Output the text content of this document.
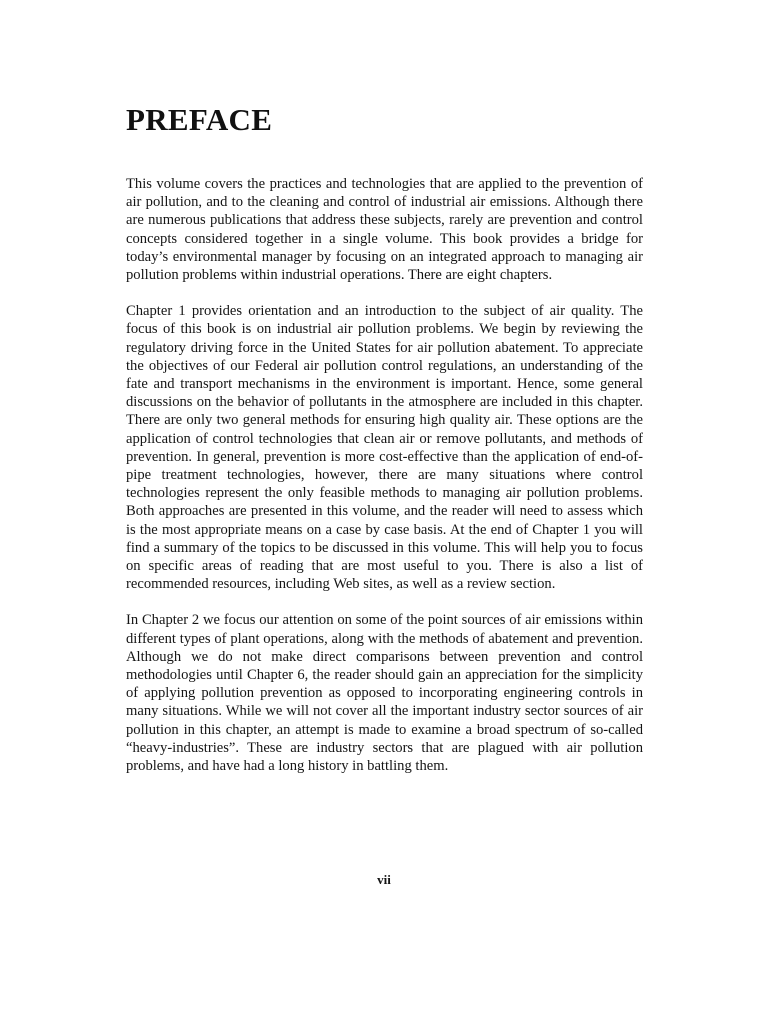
PREFACE

This volume covers the practices and technologies that are applied to the prevention of air pollution, and to the cleaning and control of industrial air emissions. Although there are numerous publications that address these subjects, rarely are prevention and control concepts considered together in a single volume. This book provides a bridge for today’s environmental manager by focusing on an integrated approach to managing air pollution problems within industrial operations. There are eight chapters.

Chapter 1 provides orientation and an introduction to the subject of air quality. The focus of this book is on industrial air pollution problems. We begin by reviewing the regulatory driving force in the United States for air pollution abatement. To appreciate the objectives of our Federal air pollution control regulations, an understanding of the fate and transport mechanisms in the environment is important. Hence, some general discussions on the behavior of pollutants in the atmosphere are included in this chapter. There are only two general methods for ensuring high quality air. These options are the application of control technologies that clean air or remove pollutants, and methods of prevention. In general, prevention is more cost-effective than the application of end-of-pipe treatment technologies, however, there are many situations where control technologies represent the only feasible methods to managing air pollution problems. Both approaches are presented in this volume, and the reader will need to assess which is the most appropriate means on a case by case basis. At the end of Chapter 1 you will find a summary of the topics to be discussed in this volume. This will help you to focus on specific areas of reading that are most useful to you. There is also a list of recommended resources, including Web sites, as well as a review section.

In Chapter 2 we focus our attention on some of the point sources of air emissions within different types of plant operations, along with the methods of abatement and prevention. Although we do not make direct comparisons between prevention and control methodologies until Chapter 6, the reader should gain an appreciation for the simplicity of applying pollution prevention as opposed to incorporating engineering controls in many situations. While we will not cover all the important industry sector sources of air pollution in this chapter, an attempt is made to examine a broad spectrum of so-called “heavy-industries”. These are industry sectors that are plagued with air pollution problems, and have had a long history in battling them.

vii
